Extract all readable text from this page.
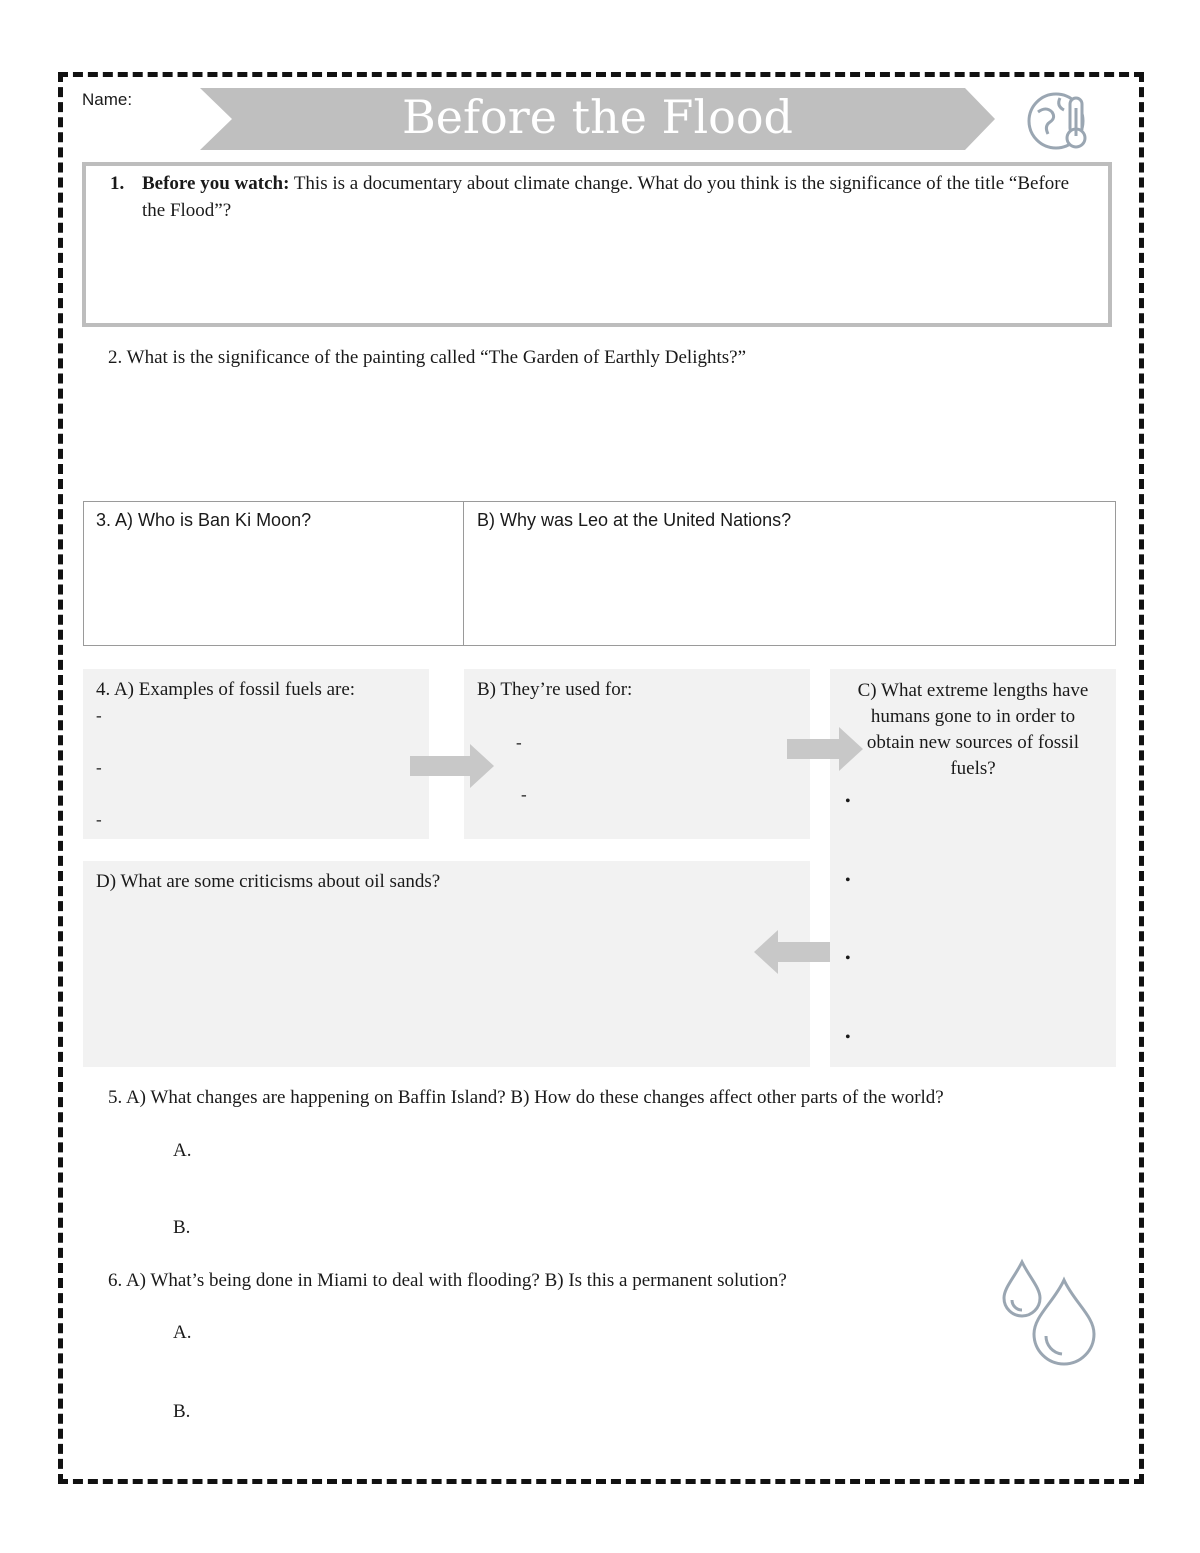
Name:	Before the Flood
1. Before you watch: This is a documentary about climate change. What do you think is the significance of the title “Before the Flood”?
2. What is the significance of the painting called “The Garden of Earthly Delights?”
3. A) Who is Ban Ki Moon?	B) Why was Leo at the United Nations?
4. A) Examples of fossil fuels are:
-
-
-
B) They’re used for:
-
-
C) What extreme lengths have humans gone to in order to obtain new sources of fossil fuels?
•
•
•
•
D) What are some criticisms about oil sands?
5. A) What changes are happening on Baffin Island? B) How do these changes affect other parts of the world?
A.
B.
6. A) What’s being done in Miami to deal with flooding? B) Is this a permanent solution?
A.
B.
